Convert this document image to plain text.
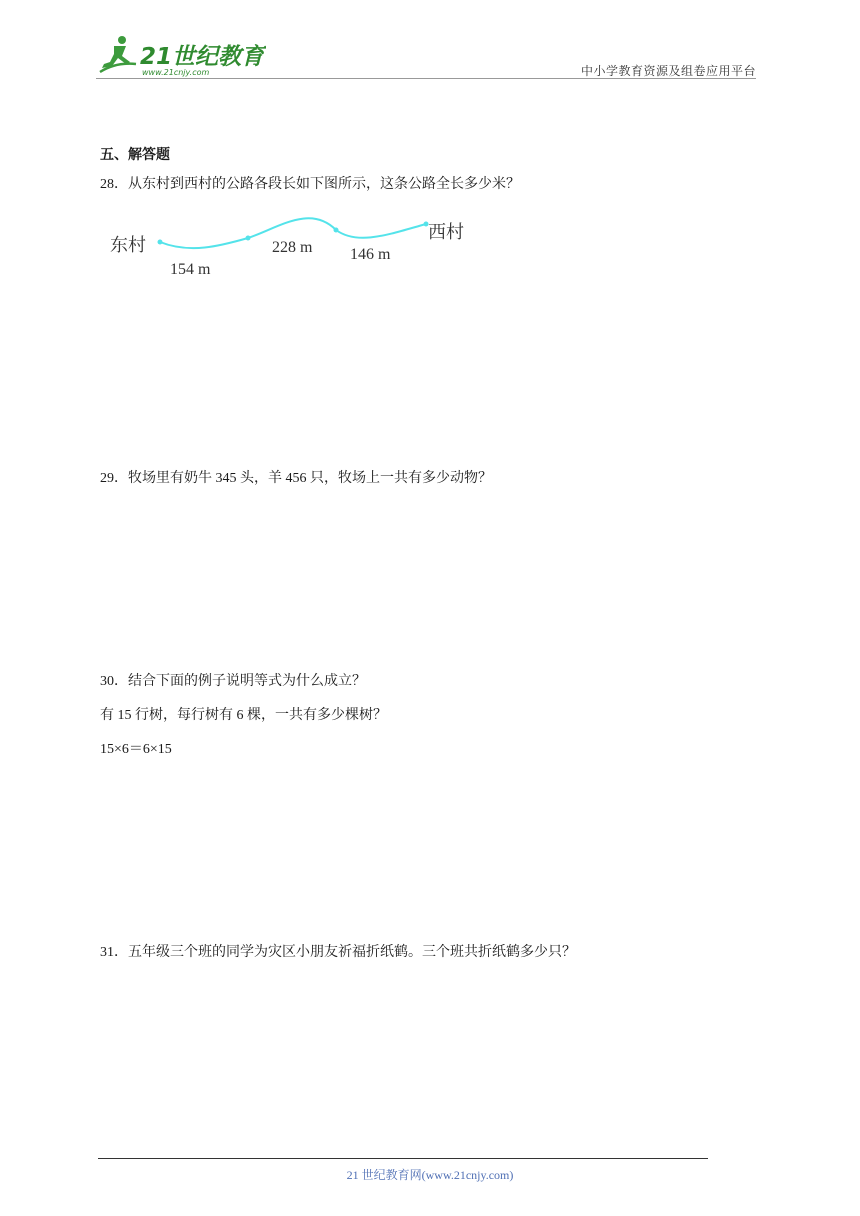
21世纪教育
www.21cnjy.com	中小学教育资源及组卷应用平台
五、解答题
28．从东村到西村的公路各段长如下图所示，这条公路全长多少米？
东村
西村
154 m
228 m 146 m
29．牧场里有奶牛 345 头，羊 456 只，牧场上一共有多少动物？
30．结合下面的例子说明等式为什么成立？
有 15 行树，每行树有 6 棵，一共有多少棵树？
15×6＝6×15
31．五年级三个班的同学为灾区小朋友祈福折纸鹤。三个班共折纸鹤多少只？
21 世纪教育网(www.21cnjy.com)
